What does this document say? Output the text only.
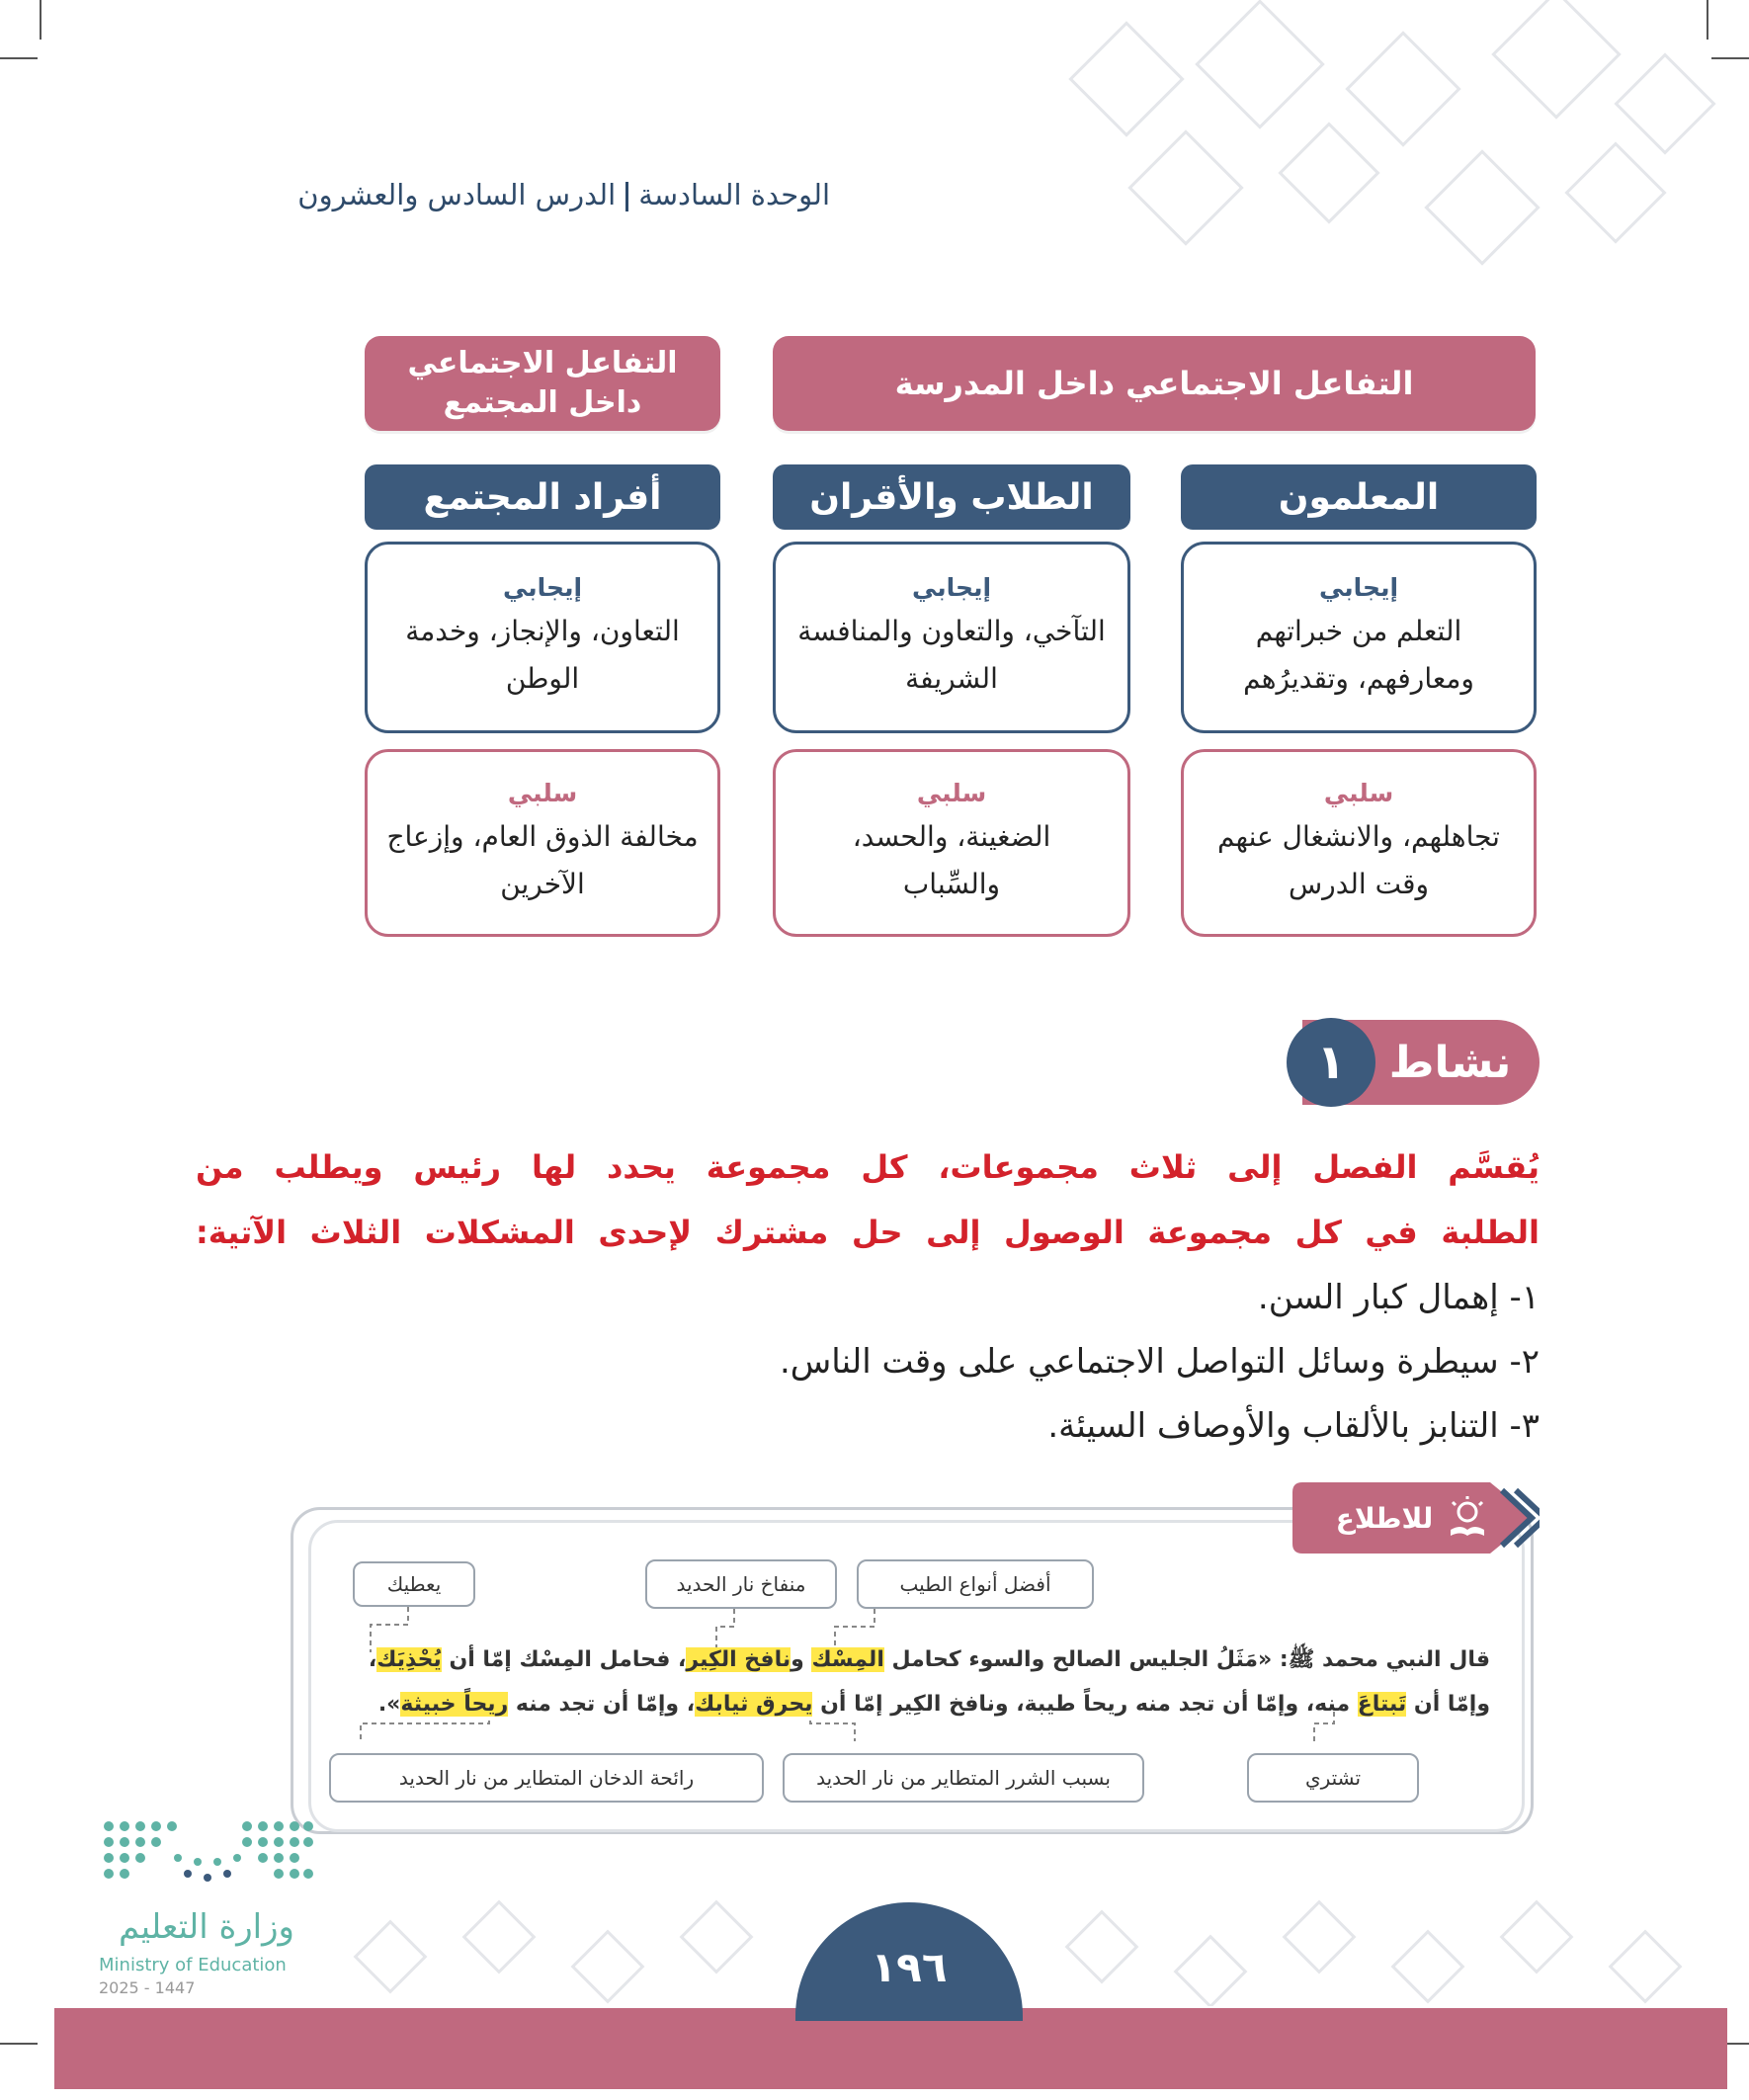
الوحدة السادسةالدرس السادس والعشرون
التفاعل الاجتماعي داخل المدرسة
التفاعل الاجتماعي
داخل المجتمع
المعلمون
الطلاب والأقران
أفراد المجتمع
إيجابي
التعلم من خبراتهم
ومعارفهم، وتقديرُهم
إيجابي
التآخي، والتعاون والمنافسة
الشريفة
إيجابي
التعاون، والإنجاز، وخدمة
الوطن
سلبي
تجاهلهم، والانشغال عنهم
وقت الدرس
سلبي
الضغينة، والحسد،
والسِّباب
سلبي
مخالفة الذوق العام، وإزعاج
الآخرين
نشاط
١
يُقسَّم الفصل إلى ثلاث مجموعات، كل مجموعة يحدد لها رئيس ويطلب من
الطلبة في كل مجموعة الوصول إلى حل مشترك لإحدى المشكلات الثلاث الآتية:
١- إهمال كبار السن.
٢- سيطرة وسائل التواصل الاجتماعي على وقت الناس.
٣- التنابز بالألقاب والأوصاف السيئة.
للاطلاع
أفضل أنواع الطيب
منفاخ نار الحديد
يعطيك
قال النبي محمد ﷺ: «مَثَلُ الجليس الصالح والسوء كحامل المِسْك ونافخ الكِير، فحامل المِسْك إمّا أن يُحْذِيَك،
وإمّا أن تَبتاعَ منه، وإمّا أن تجد منه ريحاً طيبة، ونافخ الكِير إمّا أن يحرق ثيابك، وإمّا أن تجد منه ريحاً خبيثة».
تشتري
بسبب الشرر المتطاير من نار الحديد
رائحة الدخان المتطاير من نار الحديد
وزارة التعليم
Ministry of Education
2025 - 1447	١٩٦
